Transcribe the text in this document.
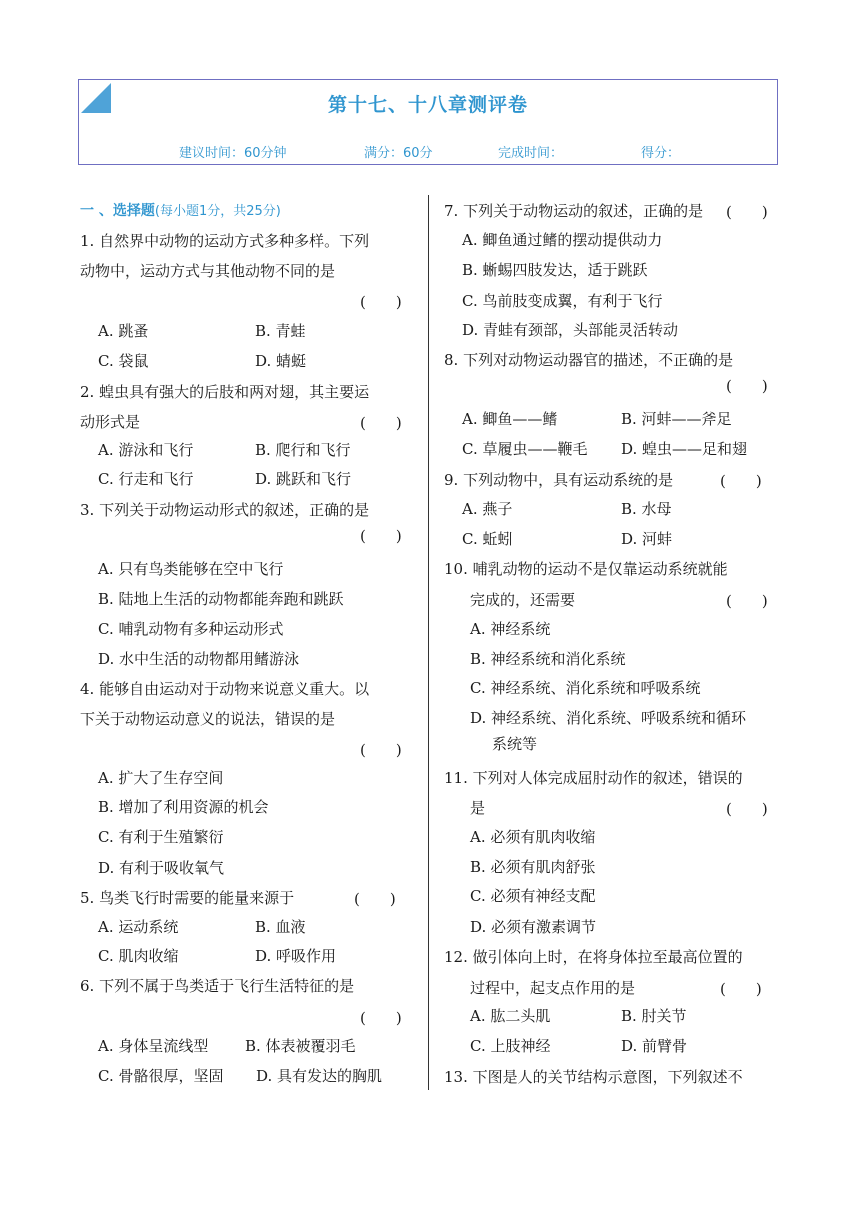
第十七、十八章测评卷
建议时间：60分钟	满分：60分	完成时间：	得分：
一 、选择题(每小题1分，共25分)
1. 自然界中动物的运动方式多种多样。下列
动物中，运动方式与其他动物不同的是
(　　)
A. 跳蚤	B. 青蛙
C. 袋鼠	D. 蜻蜓
2. 蝗虫具有强大的后肢和两对翅，其主要运
动形式是	(　　)
A. 游泳和飞行	B. 爬行和飞行
C. 行走和飞行	D. 跳跃和飞行
3. 下列关于动物运动形式的叙述，正确的是
(　　)
A. 只有鸟类能够在空中飞行
B. 陆地上生活的动物都能奔跑和跳跃
C. 哺乳动物有多种运动形式
D. 水中生活的动物都用鳍游泳
4. 能够自由运动对于动物来说意义重大。以
下关于动物运动意义的说法，错误的是
(　　)
A. 扩大了生存空间
B. 增加了利用资源的机会
C. 有利于生殖繁衍
D. 有利于吸收氧气
5. 鸟类飞行时需要的能量来源于	(　　)
A. 运动系统	B. 血液
C. 肌肉收缩	D. 呼吸作用
6. 下列不属于鸟类适于飞行生活特征的是
(　　)
A. 身体呈流线型 B. 体表被覆羽毛
C. 骨骼很厚，坚固 D. 具有发达的胸肌
7. 下列关于动物运动的叙述，正确的是 (　　)
A. 鲫鱼通过鳍的摆动提供动力
B. 蜥蜴四肢发达，适于跳跃
C. 鸟前肢变成翼，有利于飞行
D. 青蛙有颈部，头部能灵活转动
8. 下列对动物运动器官的描述，不正确的是
(　　)
A. 鲫鱼——鳍	B. 河蚌——斧足
C. 草履虫——鞭毛 D. 蝗虫——足和翅
9. 下列动物中，具有运动系统的是	(　　)
A. 燕子	B. 水母
C. 蚯蚓	D. 河蚌
10. 哺乳动物的运动不是仅靠运动系统就能
完成的，还需要	(　　)
A. 神经系统
B. 神经系统和消化系统
C. 神经系统、消化系统和呼吸系统
D. 神经系统、消化系统、呼吸系统和循环
系统等
11. 下列对人体完成屈肘动作的叙述，错误的
是	(　　)
A. 必须有肌肉收缩
B. 必须有肌肉舒张
C. 必须有神经支配
D. 必须有激素调节
12. 做引体向上时，在将身体拉至最高位置的
过程中，起支点作用的是	(　　)
A. 肱二头肌	B. 肘关节
C. 上肢神经	D. 前臂骨
13. 下图是人的关节结构示意图，下列叙述不
